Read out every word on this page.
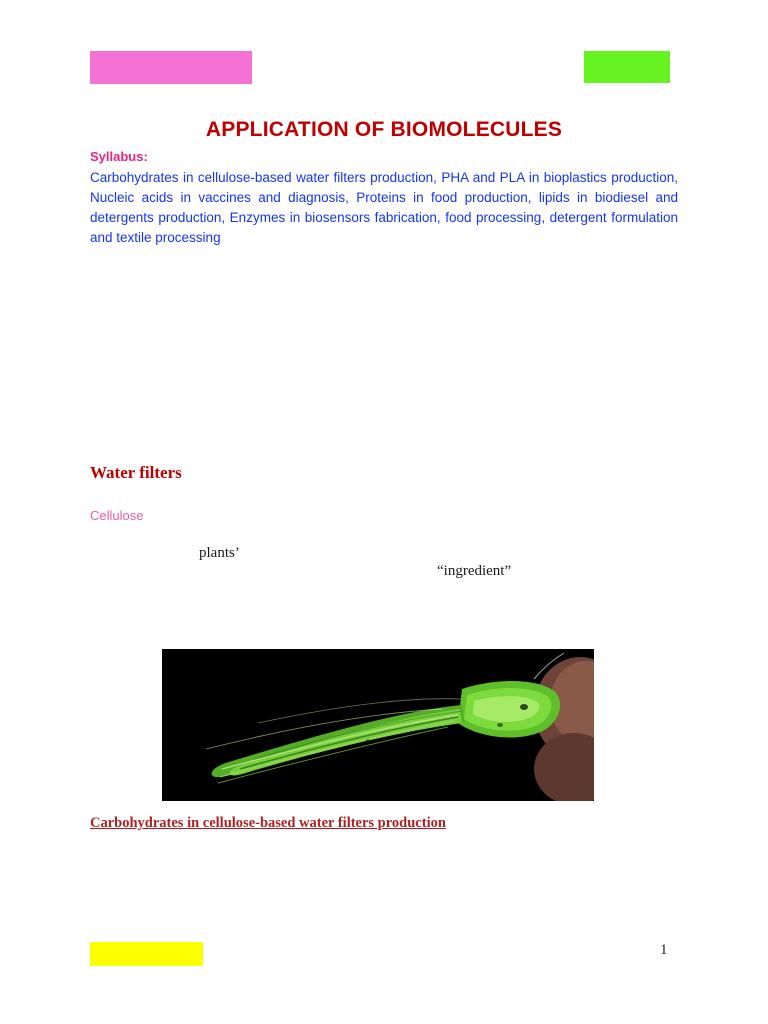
APPLICATION OF BIOMOLECULES
Syllabus:
Carbohydrates in cellulose-based water filters production, PHA and PLA in bioplastics production, Nucleic acids in vaccines and diagnosis, Proteins in food production, lipids in biodiesel and detergents production, Enzymes in biosensors fabrication, food processing, detergent formulation and textile processing
Water filters
Cellulose
plants’
“ingredient”
Carbohydrates in cellulose-based water filters production
1
